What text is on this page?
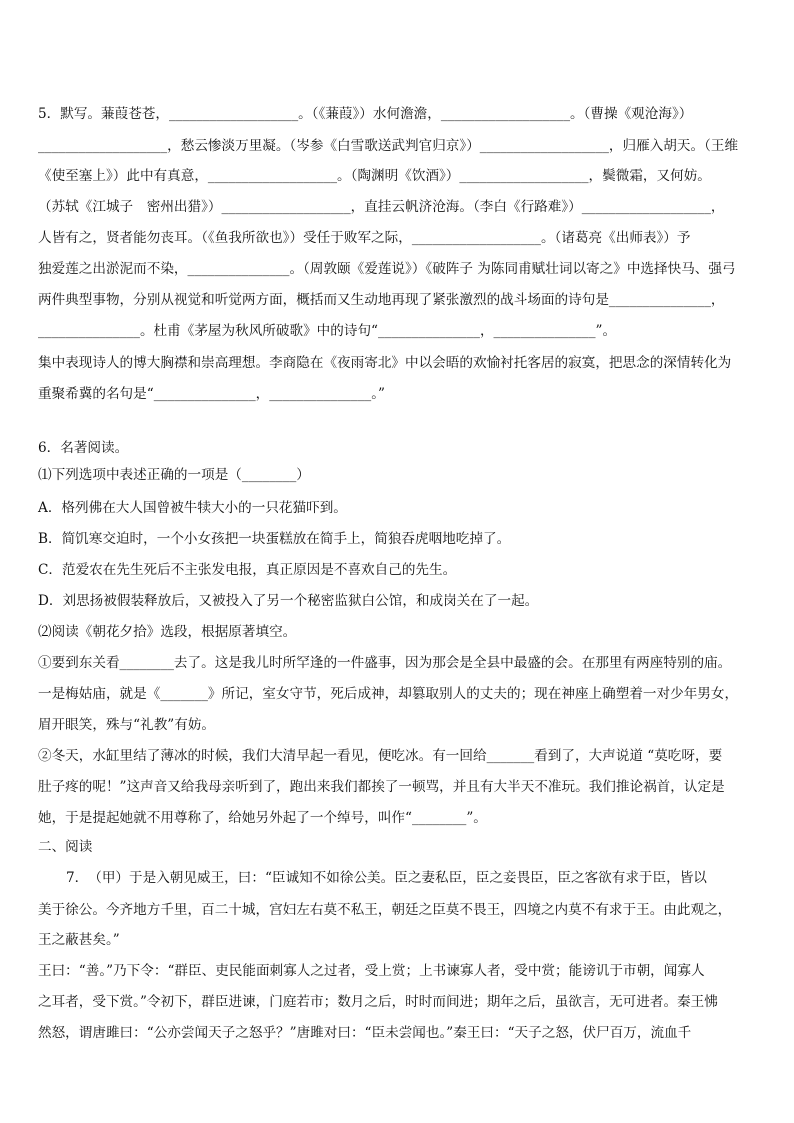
5．默写。蒹葭苍苍，___________________。（《蒹葭》）水何澹澹，___________________。（曹操《观沧海》）
___________________，愁云惨淡万里凝。（岑参《白雪歌送武判官归京》）___________________，归雁入胡天。（王维
《使至塞上》）此中有真意，___________________。（陶渊明《饮酒》）___________________，鬓微霜，又何妨。
（苏轼《江城子　密州出猎》）___________________，直挂云帆济沧海。（李白《行路难》）___________________，
人皆有之，贤者能勿丧耳。（《鱼我所欲也》）受任于败军之际，___________________。（诸葛亮《出师表》）予
独爱莲之出淤泥而不染，_______________。（周敦颐《爱莲说》）《破阵子 为陈同甫赋壮词以寄之》中选择快马、强弓
两件典型事物，分别从视觉和听觉两方面，概括而又生动地再现了紧张激烈的战斗场面的诗句是_______________，
_______________。杜甫《茅屋为秋风所破歌》中的诗句“_______________，_______________”。
集中表现诗人的博大胸襟和崇高理想。李商隐在《夜雨寄北》中以会晤的欢愉衬托客居的寂寞，把思念的深情转化为
重聚希冀的名句是“_______________，_______________。”
6．名著阅读。
⑴下列选项中表述正确的一项是（________）
A．格列佛在大人国曾被牛犊大小的一只花猫吓到。
B．简饥寒交迫时，一个小女孩把一块蛋糕放在简手上，简狼吞虎咽地吃掉了。
C．范爱农在先生死后不主张发电报，真正原因是不喜欢自己的先生。
D．刘思扬被假装释放后，又被投入了另一个秘密监狱白公馆，和成岗关在了一起。
⑵阅读《朝花夕拾》选段，根据原著填空。
①要到东关看________去了。这是我儿时所罕逢的一件盛事，因为那会是全县中最盛的会。在那里有两座特别的庙。
一是梅姑庙，就是《_______》所记，室女守节，死后成神，却篡取别人的丈夫的；现在神座上确塑着一对少年男女，
眉开眼笑，殊与“礼教”有妨。
②冬天，水缸里结了薄冰的时候，我们大清早起一看见，便吃冰。有一回给_______看到了，大声说道 “莫吃呀，要
肚子疼的呢！”这声音又给我母亲听到了，跑出来我们都挨了一顿骂，并且有大半天不准玩。我们推论祸首，认定是
她，于是提起她就不用尊称了，给她另外起了一个绰号，叫作“________”。
二、阅读
7．　（甲）于是入朝见威王，曰：“臣诚知不如徐公美。臣之妻私臣，臣之妾畏臣，臣之客欲有求于臣，皆以
美于徐公。今齐地方千里，百二十城，宫妇左右莫不私王，朝廷之臣莫不畏王，四境之内莫不有求于王。由此观之，
王之蔽甚矣。”
王曰：“善。”乃下令：“群臣、吏民能面刺寡人之过者，受上赏；上书谏寡人者，受中赏；能谤讥于市朝，闻寡人
之耳者，受下赏。”令初下，群臣进谏，门庭若市；数月之后，时时而间进；期年之后，虽欲言，无可进者。秦王怫
然怒，谓唐雎曰：“公亦尝闻天子之怒乎？”唐雎对曰：“臣未尝闻也。”秦王曰：“天子之怒，伏尸百万，流血千
